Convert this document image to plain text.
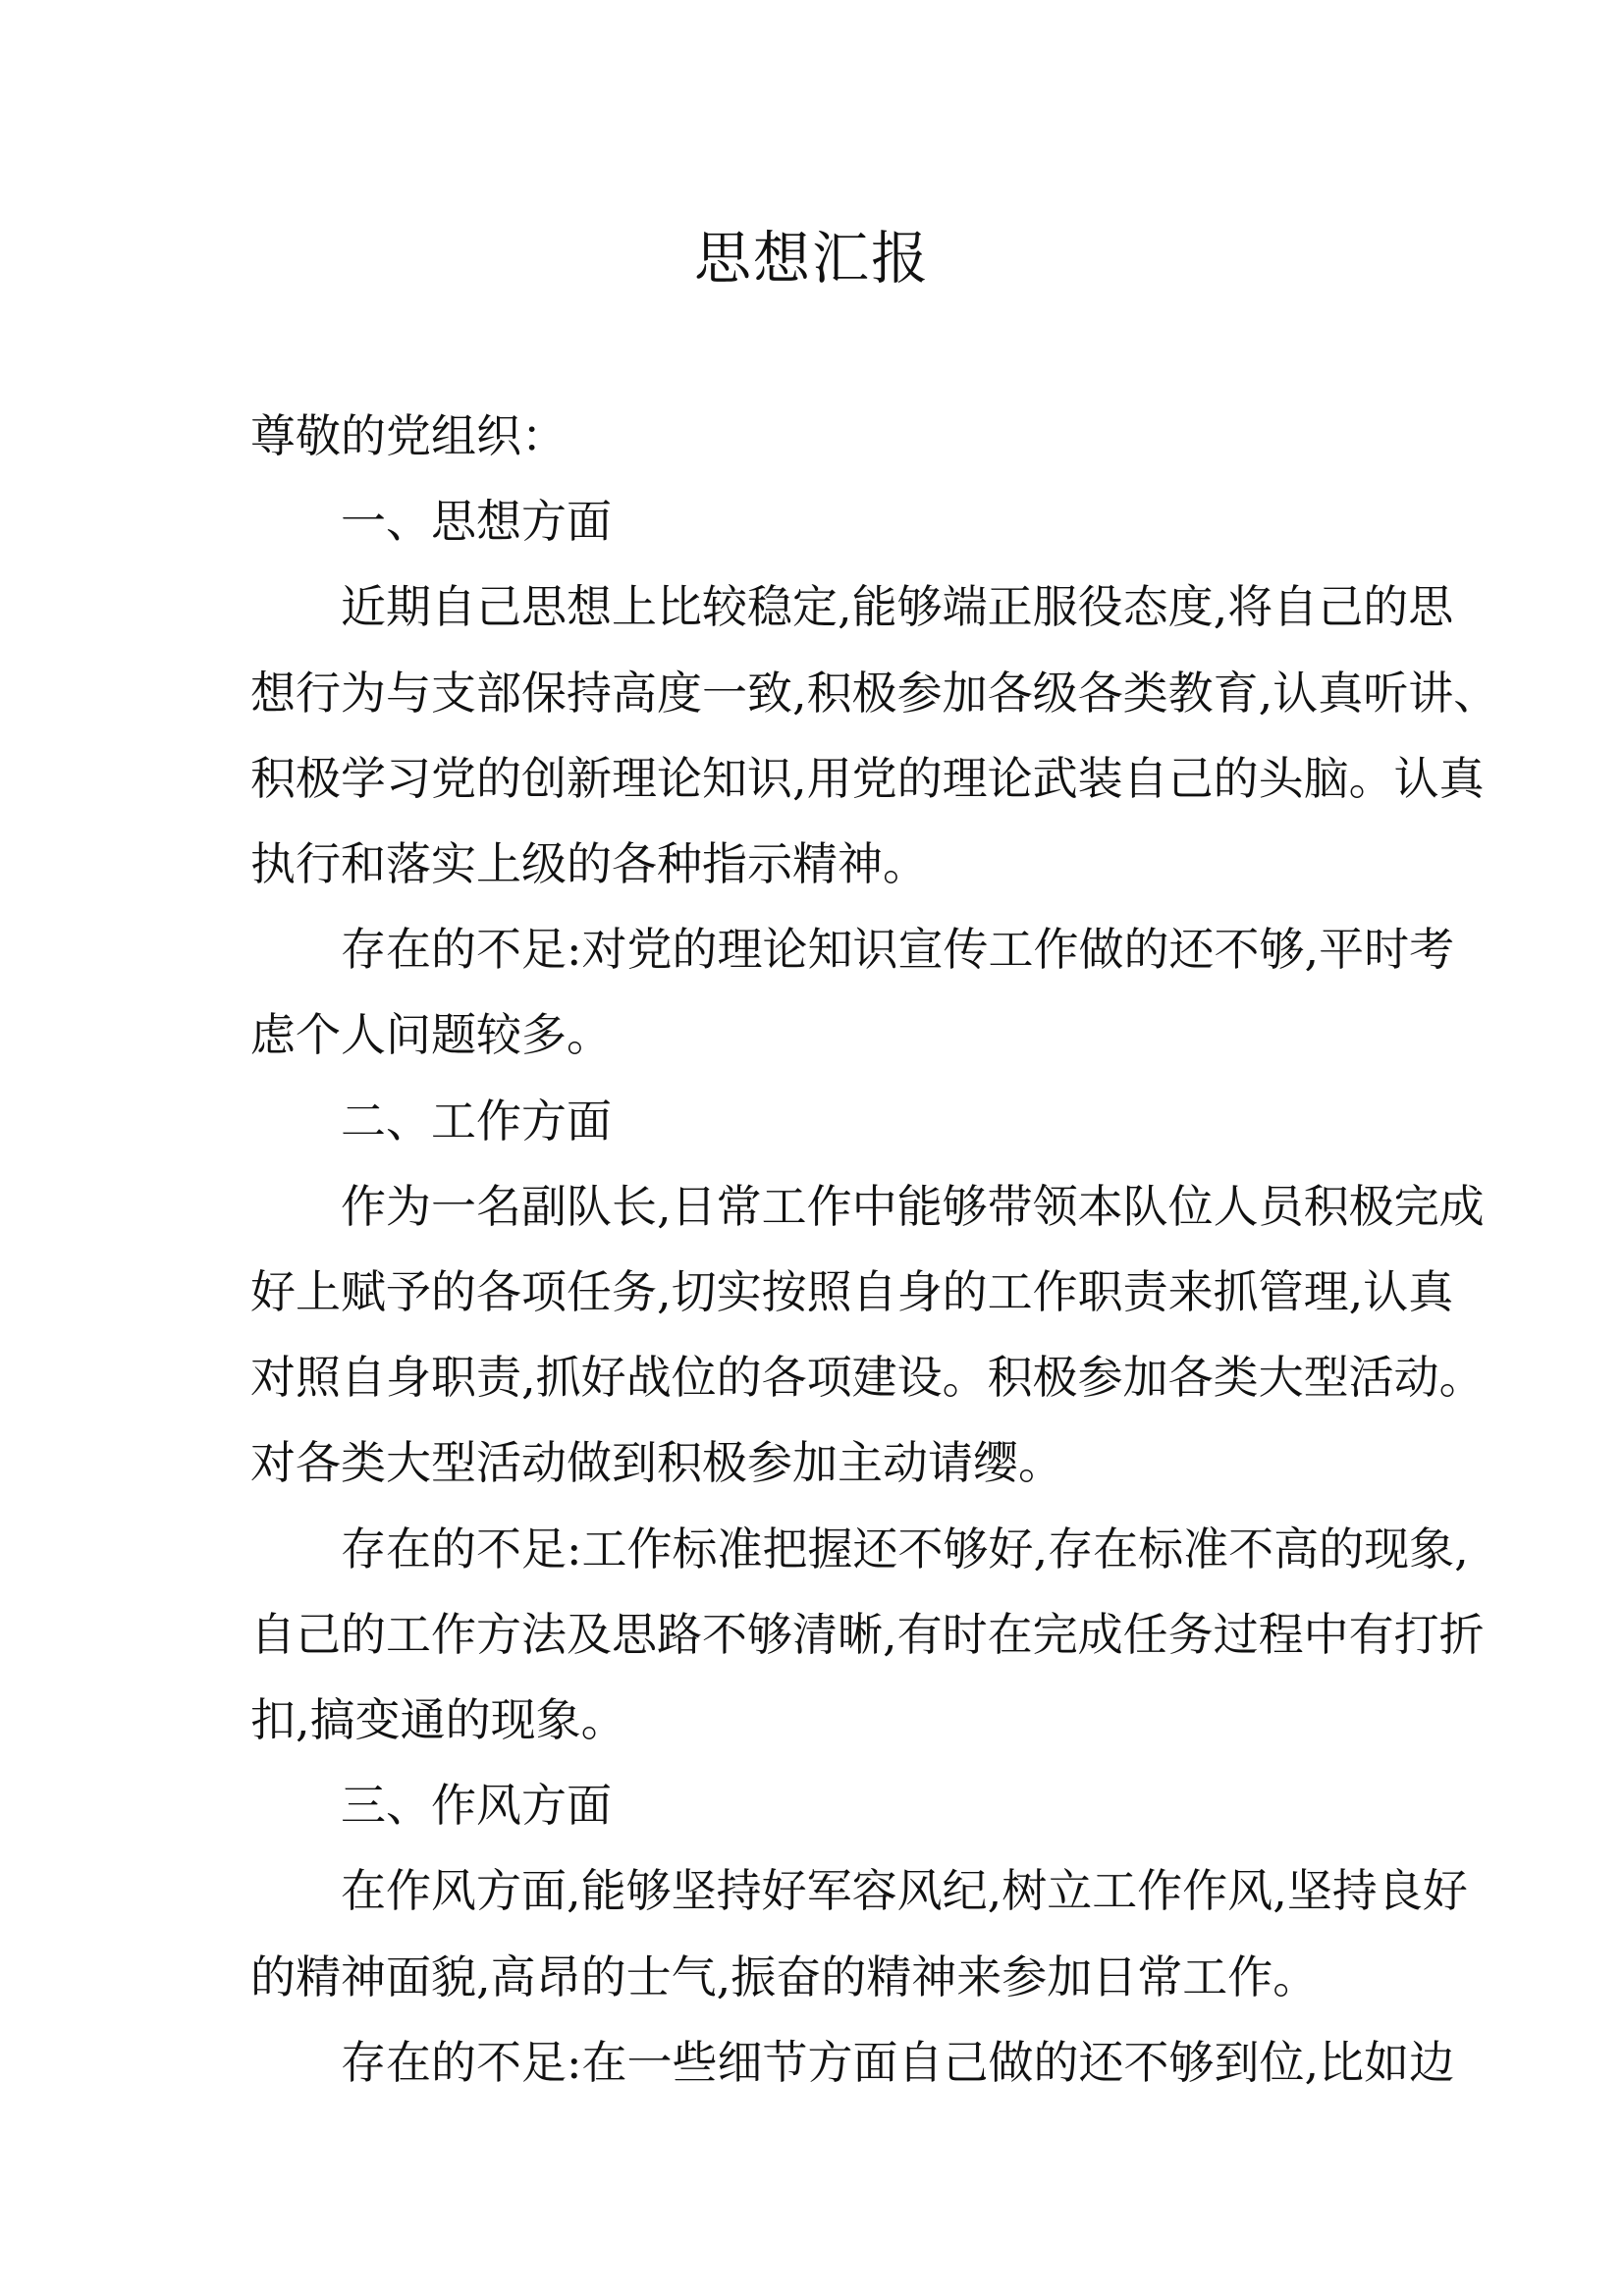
思想汇报
尊敬的党组织：
一、思想方面
近期自己思想上比较稳定,能够端正服役态度,将自己的思
想行为与支部保持高度一致,积极参加各级各类教育,认真听讲、
积极学习党的创新理论知识,用党的理论武装自己的头脑。认真
执行和落实上级的各种指示精神。
存在的不足:对党的理论知识宣传工作做的还不够,平时考
虑个人问题较多。
二、工作方面
作为一名副队长,日常工作中能够带领本队位人员积极完成
好上赋予的各项任务,切实按照自身的工作职责来抓管理,认真
对照自身职责,抓好战位的各项建设。积极参加各类大型活动。
对各类大型活动做到积极参加主动请缨。
存在的不足:工作标准把握还不够好,存在标准不高的现象,
自己的工作方法及思路不够清晰,有时在完成任务过程中有打折
扣,搞变通的现象。
三、作风方面
在作风方面,能够坚持好军容风纪,树立工作作风,坚持良好
的精神面貌,高昂的士气,振奋的精神来参加日常工作。
存在的不足:在一些细节方面自己做的还不够到位,比如边
